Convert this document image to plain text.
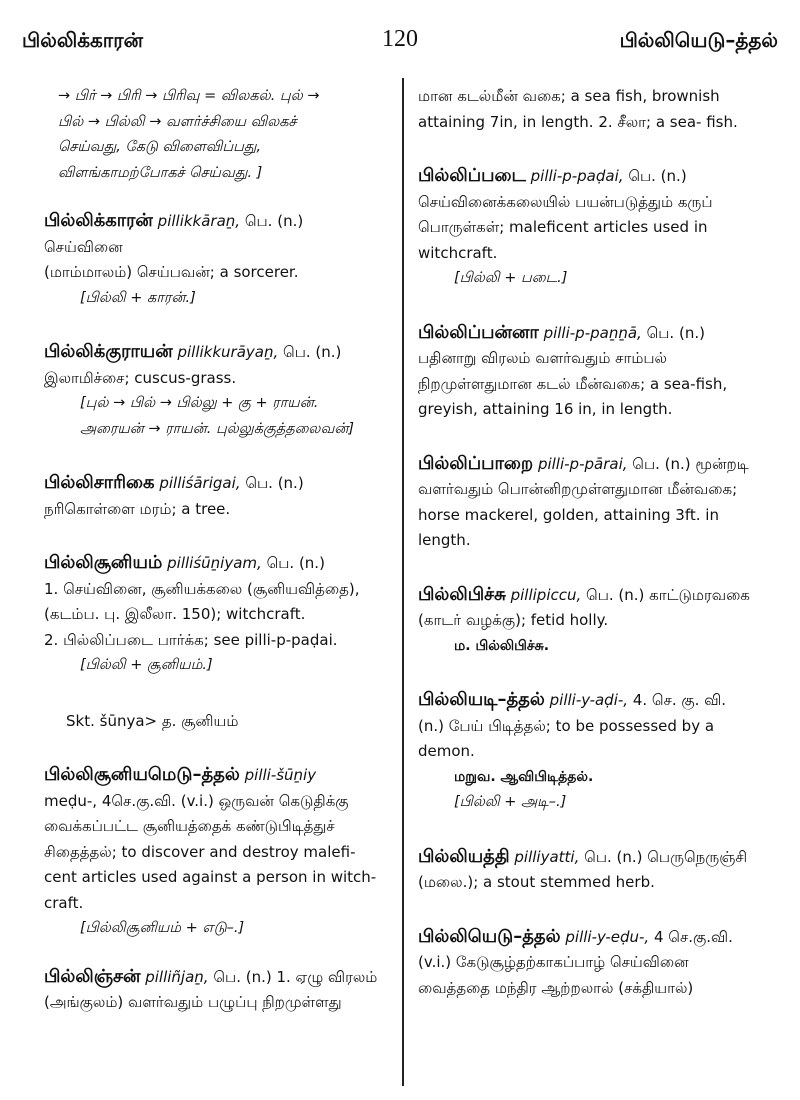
பில்லிக்காரன்	120	பில்லியெடு–த்தல்

→ பிர் → பிரி → பிரிவு = விலகல். புல் →

பில் → பில்லி → வளர்ச்சியை விலகச்

செய்வது, கேடு விளைவிப்பது,

விளங்காமற்போகச் செய்வது. ]

பில்லிக்காரன் pillikkāraṉ, பெ. (n.) செய்வினை

(மாம்மாலம்) செய்பவன்; a sorcerer.

[பில்லி + காரன்.]

பில்லிக்குராயன் pillikkurāyaṉ, பெ. (n.)

இலாமிச்சை; cuscus-grass.

[புல் → பில் → பில்லு + கு + ராயன்.

அரையன் → ராயன். புல்லுக்குத்தலைவன்]

பில்லிசாரிகை pilliśārigai, பெ. (n.)

நரிகொள்ளை மரம்; a tree.

பில்லிசூனியம் pilliśūṉiyam, பெ. (n.)

1. செய்வினை, சூனியக்கலை (சூனியவித்தை),

(கடம்ப. பு. இலீலா. 150); witchcraft.

2. பில்லிப்படை பார்க்க; see pilli-p-paḍai.

[பில்லி + சூனியம்.]

Skt. šūnya> த. சூனியம்

பில்லிசூனியமெடு–த்தல் pilli-šūṉiy

meḍu-, 4செ.கு.வி. (v.i.) ஒருவன் கெடுதிக்கு

வைக்கப்பட்ட சூனியத்தைக் கண்டுபிடித்துச்

சிதைத்தல்; to discover and destroy malefi-

cent articles used against a person in witch-

craft.

[பில்லிசூனியம் + எடு–.]

பில்லிஞ்சன் pilliñjaṉ, பெ. (n.) 1. ஏழு விரலம்

(அங்குலம்) வளர்வதும் பழுப்பு நிறமுள்ளது

மான கடல்மீன் வகை; a sea fish, brownish

attaining 7in, in length. 2. சீலா; a sea- fish.

பில்லிப்படை pilli-p-paḍai, பெ. (n.)

செய்வினைக்கலையில் பயன்படுத்தும் கருப்

பொருள்கள்; maleficent articles used in

witchcraft.

[பில்லி + படை.]

பில்லிப்பன்னா pilli-p-paṉṉā, பெ. (n.)

பதினாறு விரலம் வளர்வதும் சாம்பல்

நிறமுள்ளதுமான கடல் மீன்வகை; a sea-fish,

greyish, attaining 16 in, in length.

பில்லிப்பாறை pilli-p-pārai, பெ. (n.) மூன்றடி

வளர்வதும் பொன்னிறமுள்ளதுமான மீன்வகை;

horse mackerel, golden, attaining 3ft. in

length.

பில்லிபிச்சு pillipiccu, பெ. (n.) காட்டுமரவகை

(காடர் வழக்கு); fetid holly.

ம. பில்லிபிச்சு.

பில்லியடி–த்தல் pilli-y-aḍi-, 4. செ. கு. வி.

(n.) பேய் பிடித்தல்; to be possessed by a

demon.

மறுவ. ஆவிபிடித்தல்.

[பில்லி + அடி–.]

பில்லியத்தி pilliyatti, பெ. (n.) பெருநெருஞ்சி

(மலை.); a stout stemmed herb.

பில்லியெடு–த்தல் pilli-y-eḍu-, 4 செ.கு.வி.

(v.i.) கேடுசூழ்தற்காகப்பாழ் செய்வினை

வைத்ததை மந்திர ஆற்றலால் (சக்தியால்)
